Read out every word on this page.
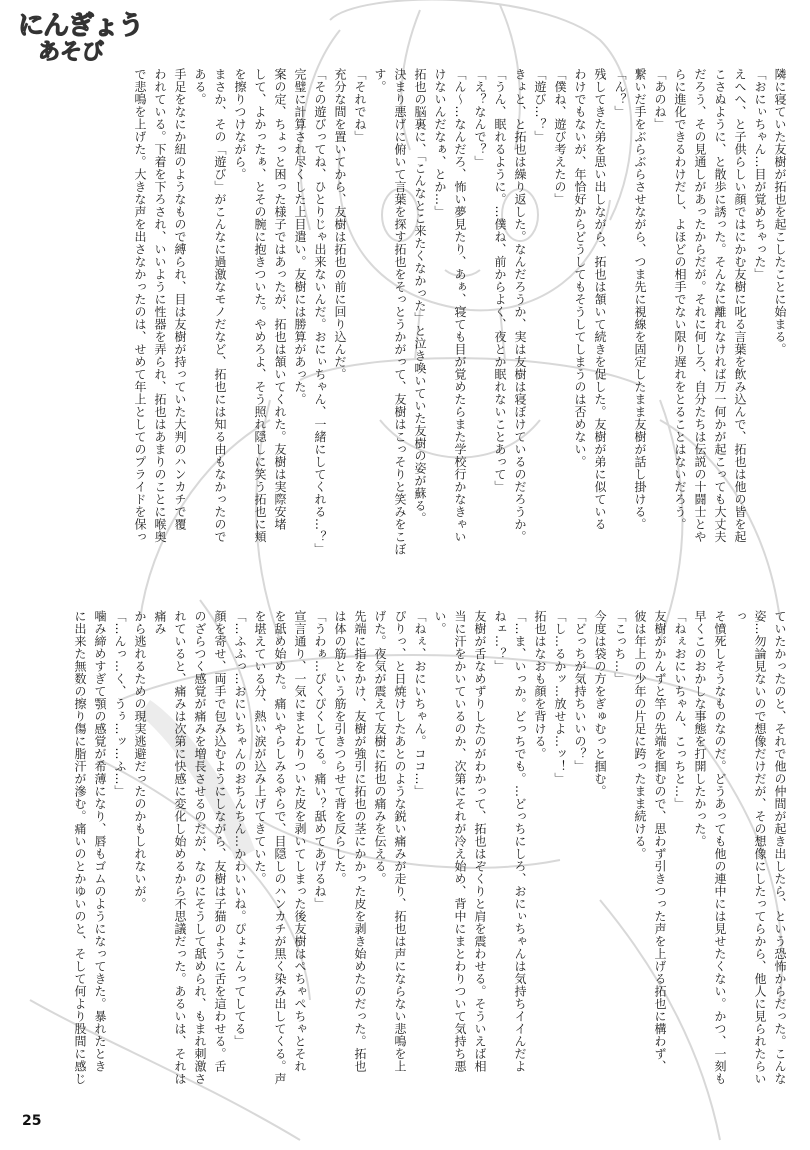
にんぎょう
あそび

隣に寝ていた友樹が拓也を起こしたことに始まる。

「おにぃちゃん…目が覚めちゃった」

えへへ、と子供らしい顔ではにかむ友樹に叱る言葉を飲み込んで、拓也は他の皆を起

こさぬように、と散歩に誘った。そんなに離れなければ万一何かが起こっても大丈夫

だろう、その見通しがあったからだが。それに何しろ、自分たちは伝説の十闘士とや

らに進化できるわけだし、よほどの相手でない限り遅れをとることはないだろう。

「あのね」

繋いだ手をぶらぶらさせながら、つま先に視線を固定したまま友樹が話し掛ける。

「ん？」

残してきた弟を思い出しながら、拓也は頷いて続きを促した。友樹が弟に似ている

わけでもないが、年恰好からどうしてもそうしてしまうのは否めない。

「僕ね、遊び考えたの」

「遊び…？」

きょと、と拓也は繰り返した。なんだろうか、実は友樹は寝ぼけているのだろうか。

「うん、眠れるように。…僕ね、前からよく、夜とか眠れないことあって」

「え？なんで？」

「ん～…なんだろ、怖い夢見たり、あぁ、寝ても目が覚めたらまた学校行かなきゃい

けないんだなぁ、とか…」

拓也の脳裏に、「こんなとこ来たくなかった」と泣き喚いていた友樹の姿が蘇る。

決まり悪げに俯いて言葉を探す拓也をそっとうかがって、友樹はこっそりと笑みをこぼす。

「それでね」

充分な間を置いてから、友樹は拓也の前に回り込んだ。

「その遊びってね、ひとりじゃ出来ないんだ。おにぃちゃん、一緒にしてくれる…？」

完璧に計算され尽くした上目遣い。友樹には勝算があった。

案の定、ちょっと困った様子ではあったが、拓也は頷いてくれた。友樹は実際安堵

して、よかったぁ、とその腕に抱きついた。やめろよ、そう照れ隠しに笑う拓也に頬

を擦りつけながら。

まさか、その「遊び」がこんなに過激なモノだなど、拓也には知る由もなかったので

ある。

手足をなにか紐のようなもので縛られ、目は友樹が持っていた大判のハンカチで覆

われている。下着を下ろされ、いいように性器を弄られ、拓也はあまりのことに喉奥

で悲鳴を上げた。大きな声を出さなかったのは、せめて年上としてのプライドを保っ

ていたかったのと、それで他の仲間が起き出したら、という恐怖からだった。こんな

姿…勿論見ないので想像だけだが、その想像にしたってらから、他人に見られたらいっ

そ憤死しそうなものなのだ。どうあっても他の連中には見せたくない。かつ、一刻も

早くこのおかしな事態を打開したかった。

「ねぇおにいちゃん、こっちと…」

友樹がかんずと竿の先端を掴むので、思わず引きつった声を上げる拓也に構わず、

彼は年上の少年の片足に跨ったまま続ける。

「こっち…」

今度は袋の方をぎゅむっと掴む。

「どっちが気持ちいいの？」

「し…るかッ…放せよ…ッ！」

拓也はなおも顔を背ける。

「…ま、いっか。どっちでも。…どっちにしろ、おにぃちゃんは気持ちイイんだよ

ねェ…？」

友樹が舌なめずりしたのがわかって、拓也はぞくりと肩を震わせる。そういえば相

当に汗をかいているのか、次第にそれが冷え始め、背中にまとわりついて気持ち悪い。

「ねぇ、おにいちゃん。ココ…」

ぴりっ、と日焼けしたあとのような鋭い痛みが走り、拓也は声にならない悲鳴を上

げた。夜気が震えて友樹に拓也の痛みを伝える。

先端に指をかけ、友樹が強引に拓也の茎にかかった皮を剥き始めたのだった。拓也

は体の筋という筋を引きつらせて背を反らした。

「うわぁ…ぴくぴくしてる。痛い？舐めてあげるね」

宣言通り、一気にまとわりついた皮を剥いてしまった後友樹はぺちゃぺちゃとそれ

を舐め始めた。痛いやらしみるやらで、目隠しのハンカチが黒く染み出してくる。声

を堪えている分、熱い涙が込み上げてきていた。

「…ふふっ…おにいちゃんのおちんちん…かわいいね。ぴょこんってしてる」

顔を寄せ、両手で包み込むようにしながら、友樹は子猫のように舌を這わせる。舌

のざらつく感覚が痛みを増長させるのだが、なのにそうして舐められ、もまれ刺激さ

れていると、痛みは次第に快感に変化し始めるから不思議だった。あるいは、それは痛み

から逃れるための現実逃避だったのかもしれないが。

「…んっ…く、うぅ…ッ…ふ…」

噛み締めすぎて顎の感覚が希薄になり、唇もゴムのようになってきた。暴れたとき

に出来た無数の擦り傷に脂汗が滲む。痛いのとかゆいのと、そして何より股間に感じ

25
